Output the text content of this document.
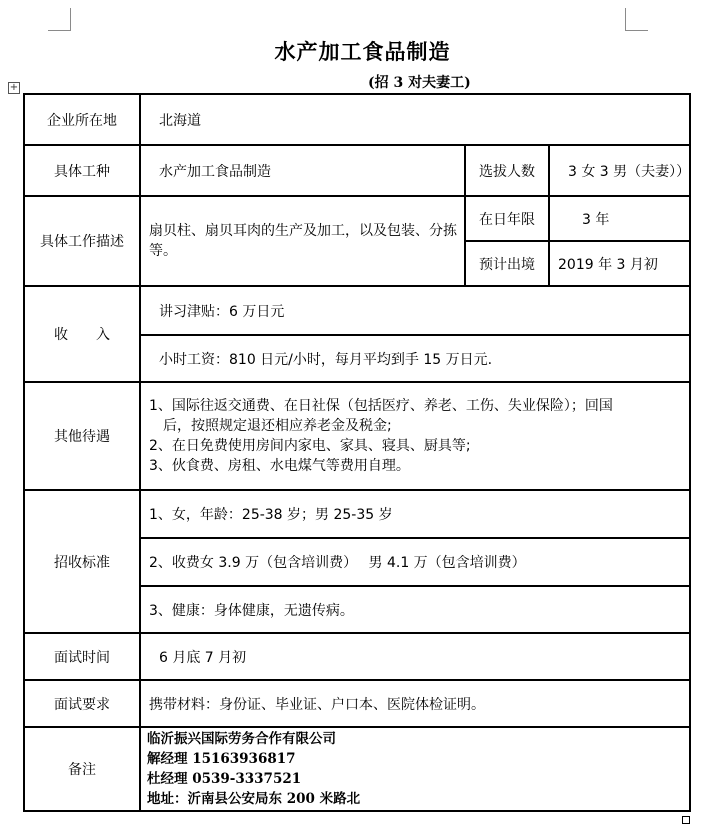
水产加工食品制造
(招 3 对夫妻工)
+
企业所在地	北海道		
具体工种	水产加工食品制造	选拔人数	3 女 3 男（夫妻））
具体工作描述	扇贝柱、扇贝耳肉的生产及加工，以及包装、分拣等。	在日年限	3 年
		预计出境	2019 年 3 月初
收　　入	讲习津贴：6 万日元		
	小时工资：810 日元/小时，每月平均到手 15 万日元.		
其他待遇	1、国际往返交通费、在日社保（包括医疗、养老、工伤、失业保险）；回国
后，按照规定退还相应养老金及税金;
2、在日免费使用房间内家电、家具、寝具、厨具等;
3、伙食费、房租、水电煤气等费用自理。		

招收标准	1、女，年龄：25-38 岁；男 25-35 岁		
	2、收费女 3.9 万（包含培训费）　 男 4.1 万（包含培训费）		
	3、健康：身体健康，无遗传病。		
面试时间	6 月底 7 月初		
面试要求	携带材料：身份证、毕业证、户口本、医院体检证明。		
备注	临沂振兴国际劳务合作有限公司
解经理 15163936817
杜经理 0539-3337521
地址：沂南县公安局东 200 米路北		
